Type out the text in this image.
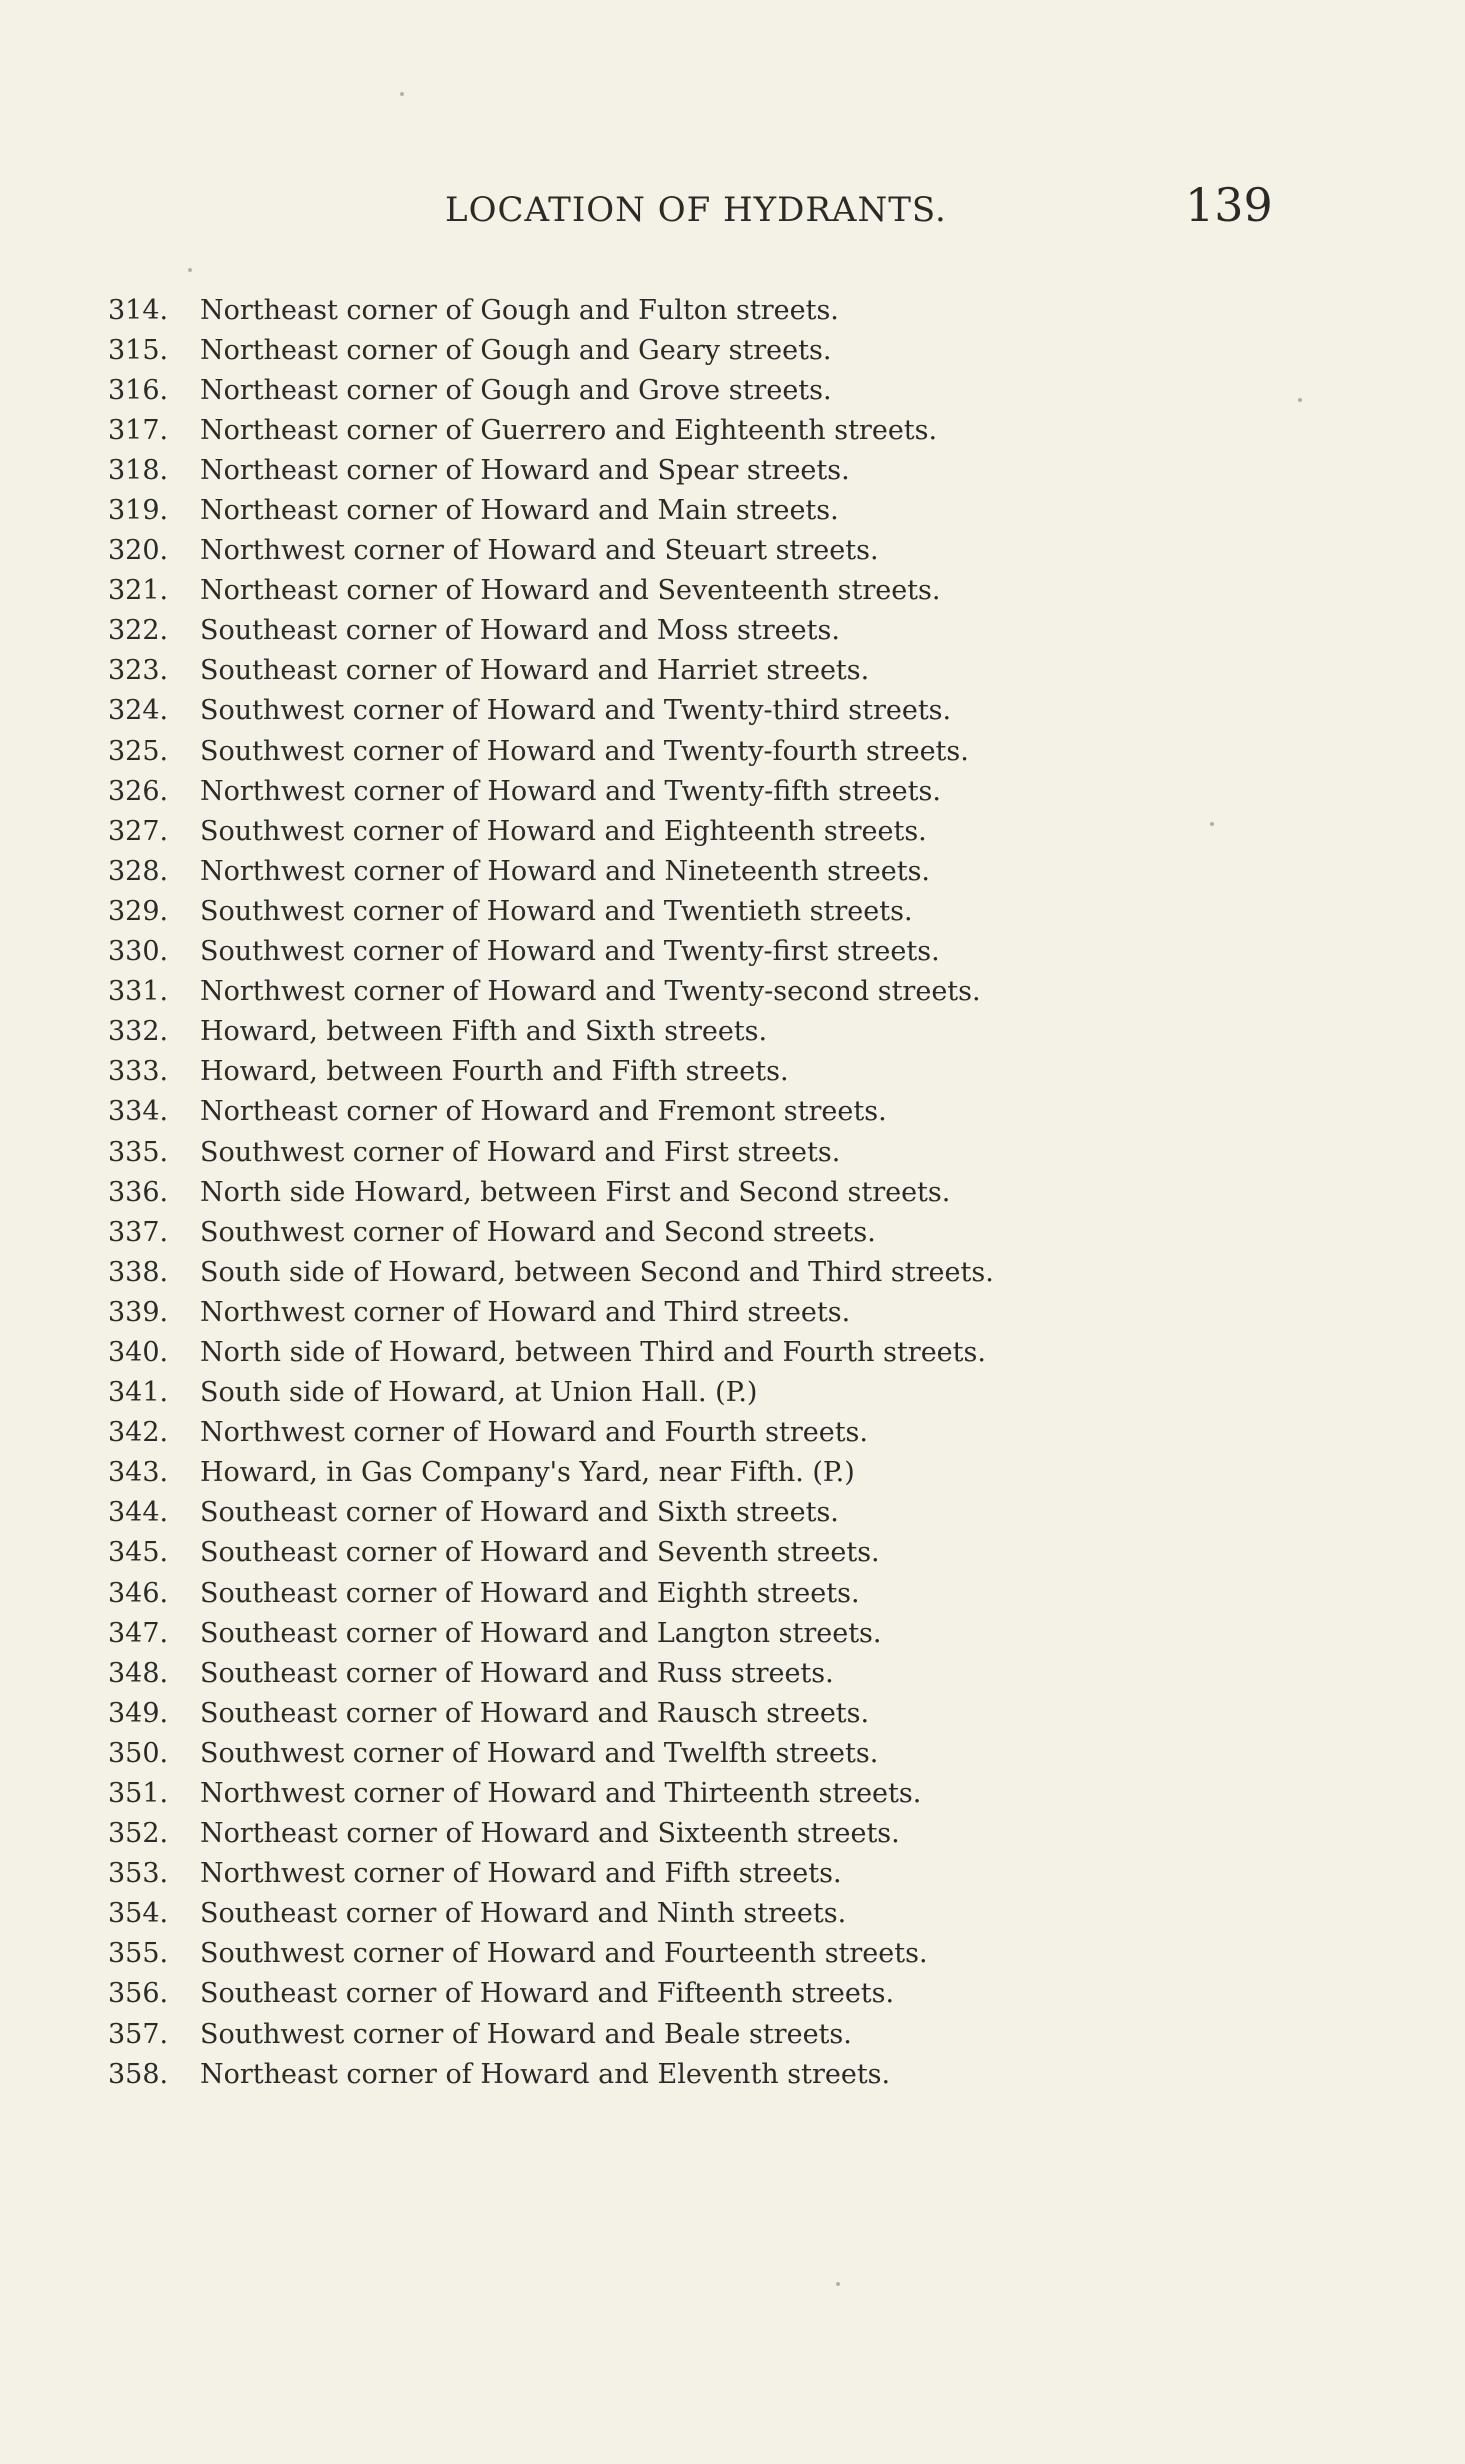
LOCATION OF HYDRANTS.	139
314.	Northeast corner of Gough and Fulton streets.
315.	Northeast corner of Gough and Geary streets.
316.	Northeast corner of Gough and Grove streets.
317.	Northeast corner of Guerrero and Eighteenth streets.
318.	Northeast corner of Howard and Spear streets.
319.	Northeast corner of Howard and Main streets.
320.	Northwest corner of Howard and Steuart streets.
321.	Northeast corner of Howard and Seventeenth streets.
322.	Southeast corner of Howard and Moss streets.
323.	Southeast corner of Howard and Harriet streets.
324.	Southwest corner of Howard and Twenty-third streets.
325.	Southwest corner of Howard and Twenty-fourth streets.
326.	Northwest corner of Howard and Twenty-fifth streets.
327.	Southwest corner of Howard and Eighteenth streets.
328.	Northwest corner of Howard and Nineteenth streets.
329.	Southwest corner of Howard and Twentieth streets.
330.	Southwest corner of Howard and Twenty-first streets.
331.	Northwest corner of Howard and Twenty-second streets.
332.	Howard, between Fifth and Sixth streets.
333.	Howard, between Fourth and Fifth streets.
334.	Northeast corner of Howard and Fremont streets.
335.	Southwest corner of Howard and First streets.
336.	North side Howard, between First and Second streets.
337.	Southwest corner of Howard and Second streets.
338.	South side of Howard, between Second and Third streets.
339.	Northwest corner of Howard and Third streets.
340.	North side of Howard, between Third and Fourth streets.
341.	South side of Howard, at Union Hall. (P.)
342.	Northwest corner of Howard and Fourth streets.
343.	Howard, in Gas Company's Yard, near Fifth. (P.)
344.	Southeast corner of Howard and Sixth streets.
345.	Southeast corner of Howard and Seventh streets.
346.	Southeast corner of Howard and Eighth streets.
347.	Southeast corner of Howard and Langton streets.
348.	Southeast corner of Howard and Russ streets.
349.	Southeast corner of Howard and Rausch streets.
350.	Southwest corner of Howard and Twelfth streets.
351.	Northwest corner of Howard and Thirteenth streets.
352.	Northeast corner of Howard and Sixteenth streets.
353.	Northwest corner of Howard and Fifth streets.
354.	Southeast corner of Howard and Ninth streets.
355.	Southwest corner of Howard and Fourteenth streets.
356.	Southeast corner of Howard and Fifteenth streets.
357.	Southwest corner of Howard and Beale streets.
358.	Northeast corner of Howard and Eleventh streets.
